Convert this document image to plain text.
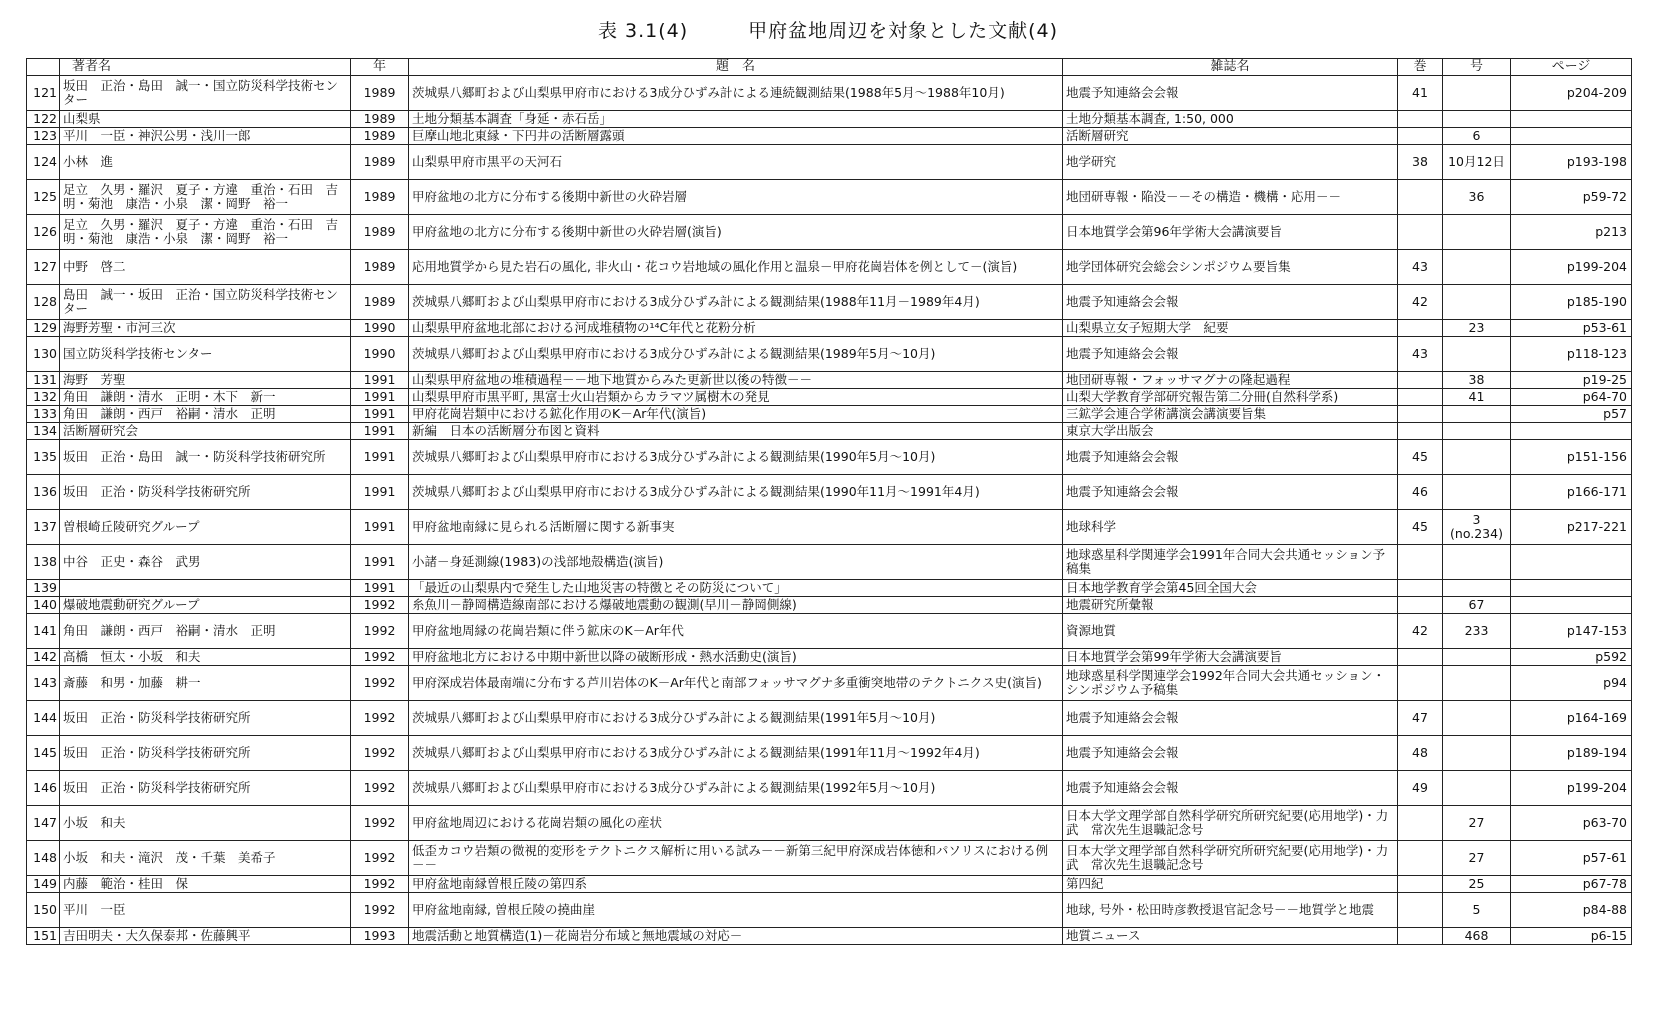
表 3.1(4)	甲府盆地周辺を対象とした文献(4)
	著者名	年	題　名	雑誌名	巻	号	ページ
121	坂田　正治・島田　誠一・国立防災科学技術センター	1989	茨城県八郷町および山梨県甲府市における3成分ひずみ計による連続観測結果(1988年5月～1988年10月)	地震予知連絡会会報	41		p204-209
122	山梨県	1989	土地分類基本調査「身延・赤石岳」	土地分類基本調査, 1:50, 000			
123	平川　一臣・神沢公男・浅川一郎	1989	巨摩山地北東縁・下円井の活断層露頭	活断層研究		6	
124	小林　進	1989	山梨県甲府市黒平の天河石	地学研究	38	10月12日	p193-198
125	足立　久男・羅沢　夏子・方違　重治・石田　吉明・菊池　康浩・小泉　潔・岡野　裕一	1989	甲府盆地の北方に分布する後期中新世の火砕岩層	地団研専報・陥没－－その構造・機構・応用－－		36	p59-72
126	足立　久男・羅沢　夏子・方違　重治・石田　吉明・菊池　康浩・小泉　潔・岡野　裕一	1989	甲府盆地の北方に分布する後期中新世の火砕岩層(演旨)	日本地質学会第96年学術大会講演要旨			p213
127	中野　啓二	1989	応用地質学から見た岩石の風化, 非火山・花コウ岩地域の風化作用と温泉－甲府花崗岩体を例として－(演旨)	地学団体研究会総会シンポジウム要旨集	43		p199-204
128	島田　誠一・坂田　正治・国立防災科学技術センター	1989	茨城県八郷町および山梨県甲府市における3成分ひずみ計による観測結果(1988年11月－1989年4月)	地震予知連絡会会報	42		p185-190
129	海野芳聖・市河三次	1990	山梨県甲府盆地北部における河成堆積物の¹⁴C年代と花粉分析	山梨県立女子短期大学　紀要		23	p53-61
130	国立防災科学技術センター	1990	茨城県八郷町および山梨県甲府市における3成分ひずみ計による観測結果(1989年5月～10月)	地震予知連絡会会報	43		p118-123
131	海野　芳聖	1991	山梨県甲府盆地の堆積過程－－地下地質からみた更新世以後の特徴－－	地団研専報・フォッサマグナの隆起過程		38	p19-25
132	角田　謙朗・清水　正明・木下　新一	1991	山梨県甲府市黒平町, 黒富士火山岩類からカラマツ属樹木の発見	山梨大学教育学部研究報告第二分冊(自然科学系)		41	p64-70
133	角田　謙朗・西戸　裕嗣・清水　正明	1991	甲府花崗岩類中における鉱化作用のK－Ar年代(演旨)	三鉱学会連合学術講演会講演要旨集			p57
134	活断層研究会	1991	新編　日本の活断層分布図と資料	東京大学出版会			
135	坂田　正治・島田　誠一・防災科学技術研究所	1991	茨城県八郷町および山梨県甲府市における3成分ひずみ計による観測結果(1990年5月～10月)	地震予知連絡会会報	45		p151-156
136	坂田　正治・防災科学技術研究所	1991	茨城県八郷町および山梨県甲府市における3成分ひずみ計による観測結果(1990年11月～1991年4月)	地震予知連絡会会報	46		p166-171
137	曽根崎丘陵研究グループ	1991	甲府盆地南縁に見られる活断層に関する新事実	地球科学	45	3 (no.234)	p217-221
138	中谷　正史・森谷　武男	1991	小諸－身延測線(1983)の浅部地殻構造(演旨)	地球惑星科学関連学会1991年合同大会共通セッション予稿集			
139		1991	「最近の山梨県内で発生した山地災害の特徴とその防災について」	日本地学教育学会第45回全国大会			
140	爆破地震動研究グループ	1992	糸魚川－静岡構造線南部における爆破地震動の観測(早川－静岡側線)	地震研究所彙報		67	
141	角田　謙朗・西戸　裕嗣・清水　正明	1992	甲府盆地周縁の花崗岩類に伴う鉱床のK－Ar年代	資源地質	42	233	p147-153
142	高橋　恒太・小坂　和夫	1992	甲府盆地北方における中期中新世以降の破断形成・熱水活動史(演旨)	日本地質学会第99年学術大会講演要旨			p592
143	斎藤　和男・加藤　耕一	1992	甲府深成岩体最南端に分布する芦川岩体のK－Ar年代と南部フォッサマグナ多重衝突地帯のテクトニクス史(演旨)	地球惑星科学関連学会1992年合同大会共通セッション・シンポジウム予稿集			p94
144	坂田　正治・防災科学技術研究所	1992	茨城県八郷町および山梨県甲府市における3成分ひずみ計による観測結果(1991年5月～10月)	地震予知連絡会会報	47		p164-169
145	坂田　正治・防災科学技術研究所	1992	茨城県八郷町および山梨県甲府市における3成分ひずみ計による観測結果(1991年11月～1992年4月)	地震予知連絡会会報	48		p189-194
146	坂田　正治・防災科学技術研究所	1992	茨城県八郷町および山梨県甲府市における3成分ひずみ計による観測結果(1992年5月～10月)	地震予知連絡会会報	49		p199-204
147	小坂　和夫	1992	甲府盆地周辺における花崗岩類の風化の産状	日本大学文理学部自然科学研究所研究紀要(応用地学)・力武　常次先生退職記念号		27	p63-70
148	小坂　和夫・滝沢　茂・千葉　美希子	1992	低歪カコウ岩類の微視的変形をテクトニクス解析に用いる試み－－新第三紀甲府深成岩体徳和パソリスにおける例－－	日本大学文理学部自然科学研究所研究紀要(応用地学)・力武　常次先生退職記念号		27	p57-61
149	内藤　範治・桂田　保	1992	甲府盆地南縁曽根丘陵の第四系	第四紀		25	p67-78
150	平川　一臣	1992	甲府盆地南縁, 曽根丘陵の撓曲崖	地球, 号外・松田時彦教授退官記念号－－地質学と地震		5	p84-88
151	吉田明夫・大久保泰邦・佐藤興平	1993	地震活動と地質構造(1)－花崗岩分布域と無地震域の対応－	地質ニュース		468	p6-15
